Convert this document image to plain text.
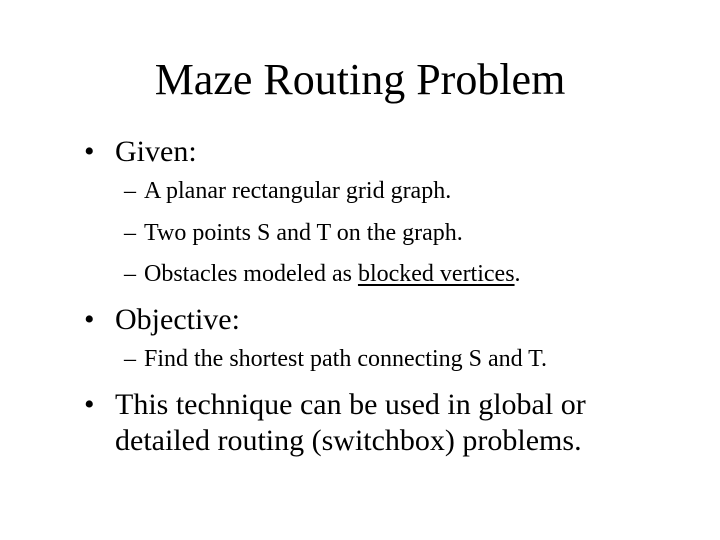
Maze Routing Problem
• Given:
– A planar rectangular grid graph.
– Two points S and T on the graph.
– Obstacles modeled as blocked vertices.
• Objective:
– Find the shortest path connecting S and T.
• This technique can be used in global or
detailed routing (switchbox) problems.
